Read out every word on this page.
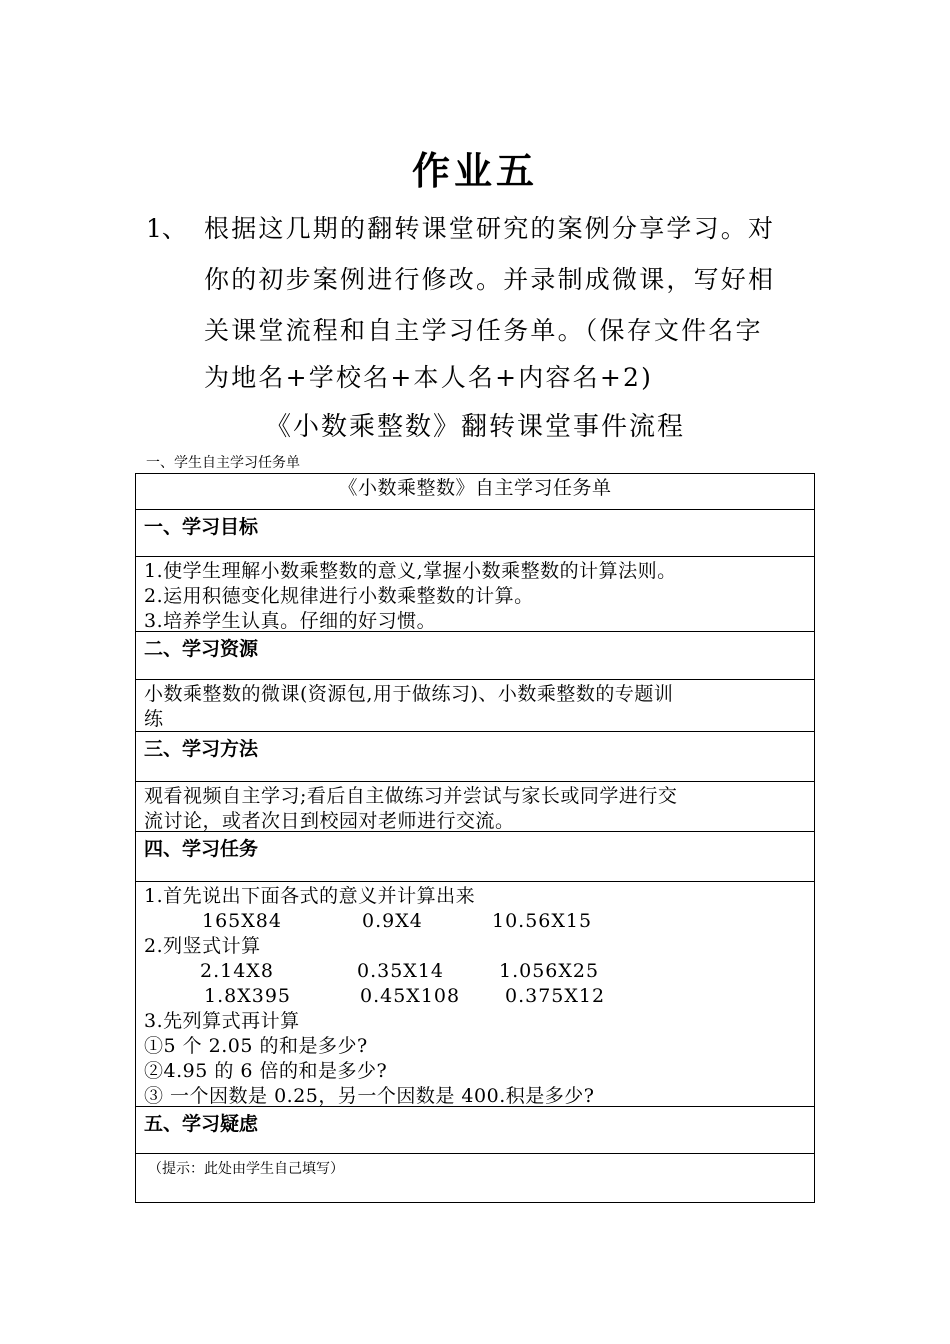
作业五
1、 根据这几期的翻转课堂研究的案例分享学习。对
你的初步案例进行修改。并录制成微课，写好相
关课堂流程和自主学习任务单。（保存文件名字
为地名+学校名+本人名+内容名+2)
《小数乘整数》翻转课堂事件流程
一、学生自主学习任务单
《小数乘整数》自主学习任务单
一、学习目标
1.使学生理解小数乘整数的意义,掌握小数乘整数的计算法则。
2.运用积德变化规律进行小数乘整数的计算。
3.培养学生认真。仔细的好习惯。
二、学习资源
小数乘整数的微课(资源包,用于做练习)、小数乘整数的专题训
练
三、学习方法
观看视频自主学习;看后自主做练习并尝试与家长或同学进行交
流讨论，或者次日到校园对老师进行交流。
四、学习任务
1.首先说出下面各式的意义并计算出来
165X84	0.9X4	10.56X15
2.列竖式计算
2.14X8	0.35X14	1.056X25
1.8X395	0.45X108 0.375X12
3.先列算式再计算
①5 个 2.05 的和是多少?
②4.95 的 6 倍的和是多少?
③ 一个因数是 0.25，另一个因数是 400.积是多少?
五、学习疑虑
（提示：此处由学生自己填写）
